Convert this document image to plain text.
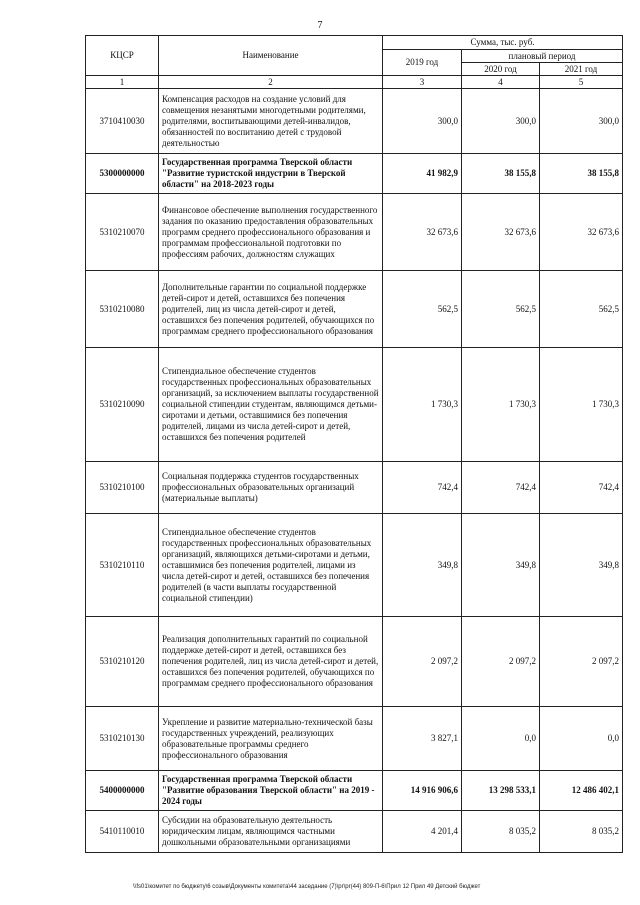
7
КЦСР	Наименование	Сумма, тыс. руб.		
		2019 год	плановый период	
			2020 год	2021 год
1	2	3	4	5
3710410030	Компенсация расходов на создание условий для совмещения незанятыми многодетными родителями, родителями, воспитывающими детей-инвалидов, обязанностей по воспитанию детей с трудовой деятельностью	300,0	300,0	300,0
5300000000	Государственная программа Тверской области "Развитие туристской индустрии в Тверской области" на 2018-2023 годы	41 982,9	38 155,8	38 155,8
5310210070	Финансовое обеспечение выполнения государственного задания по оказанию предоставления образовательных программ среднего профессионального образования и программам профессиональной подготовки по профессиям рабочих, должностям служащих	32 673,6	32 673,6	32 673,6
5310210080	Дополнительные гарантии по социальной поддержке детей-сирот и детей, оставшихся без попечения родителей, лиц из числа детей-сирот и детей, оставшихся без попечения родителей, обучающихся по программам среднего профессионального образования	562,5	562,5	562,5
5310210090	Стипендиальное обеспечение студентов государственных профессиональных образовательных организаций, за исключением выплаты государственной социальной стипендии студентам, являющимся детьми-сиротами и детьми, оставшимися без попечения родителей, лицами из числа детей-сирот и детей, оставшихся без попечения родителей	1 730,3	1 730,3	1 730,3
5310210100	Социальная поддержка студентов государственных профессиональных образовательных организаций (материальные выплаты)	742,4	742,4	742,4
5310210110	Стипендиальное обеспечение студентов государственных профессиональных образовательных организаций, являющихся детьми-сиротами и детьми, оставшимися без попечения родителей, лицами из числа детей-сирот и детей, оставшихся без попечения родителей (в части выплаты государственной социальной стипендии)	349,8	349,8	349,8
5310210120	Реализация дополнительных гарантий по социальной поддержке детей-сирот и детей, оставшихся без попечения родителей, лиц из числа детей-сирот и детей, оставшихся без попечения родителей, обучающихся по программам среднего профессионального образования	2 097,2	2 097,2	2 097,2
5310210130	Укрепление и развитие материально-технической базы государственных учреждений, реализующих образовательные программы среднего профессионального образования	3 827,1	0,0	0,0
5400000000	Государственная программа Тверской области "Развитие образования Тверской области" на 2019 - 2024 годы	14 916 906,6	13 298 533,1	12 486 402,1
5410110010	Субсидии на образовательную деятельность юридическим лицам, являющимся частными дошкольными образовательными организациями	4 201,4	8 035,2	8 035,2
\\fs01\комитет по бюджету\6 созыв\Документы комитета\44 заседание (7)\pr\pr(44) 809-П-6\Прил 12 Прил 49 Детский бюджет
